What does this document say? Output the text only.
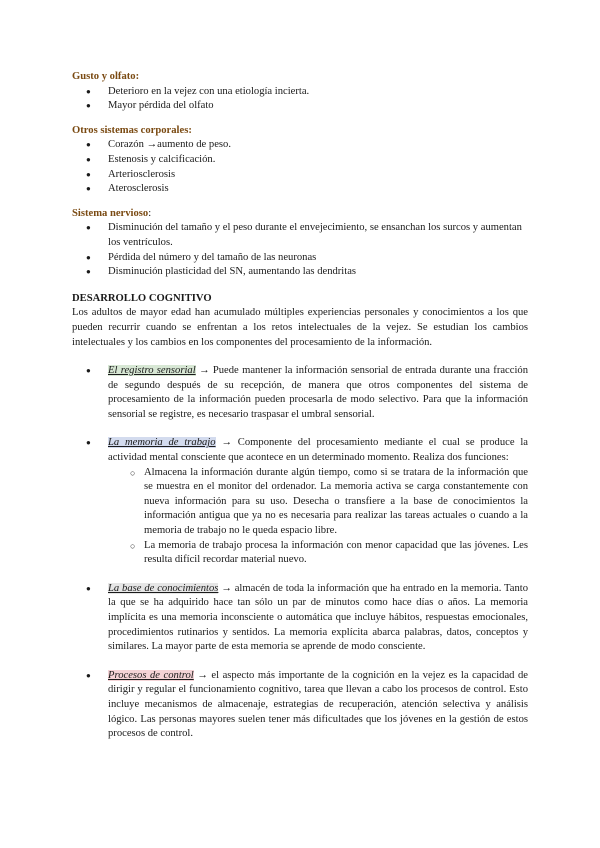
Gusto y olfato:

● Deterioro en la vejez con una etiología incierta.
● Mayor pérdida del olfato

Otros sistemas corporales:

● Corazón →aumento de peso.
● Estenosis y calcificación.
● Arteriosclerosis
● Aterosclerosis

Sistema nervioso:

● Disminución del tamaño y el peso durante el envejecimiento, se ensanchan los surcos y aumentan los ventrículos.
● Pérdida del número y del tamaño de las neuronas
● Disminución plasticidad del SN, aumentando las dendritas

DESARROLLO COGNITIVO

Los adultos de mayor edad han acumulado múltiples experiencias personales y conocimientos a los que pueden recurrir cuando se enfrentan a los retos intelectuales de la vejez. Se estudian los cambios intelectuales y los cambios en los componentes del procesamiento de la información.

● El registro sensorial → Puede mantener la información sensorial de entrada durante una fracción de segundo después de su recepción, de manera que otros componentes del sistema de procesamiento de la información pueden procesarla de modo selectivo. Para que la información sensorial se registre, es necesario traspasar el umbral sensorial.
● La memoria de trabajo → Componente del procesamiento mediante el cual se produce la actividad mental consciente que acontece en un determinado momento. Realiza dos funciones:
○ Almacena la información durante algún tiempo, como si se tratara de la información que se muestra en el monitor del ordenador. La memoria activa se carga constantemente con nueva información para su uso. Desecha o transfiere a la base de conocimientos la información antigua que ya no es necesaria para realizar las tareas actuales o cuando a la memoria de trabajo no le queda espacio libre.
○ La memoria de trabajo procesa la información con menor capacidad que las jóvenes. Les resulta difícil recordar material nuevo.
● La base de conocimientos → almacén de toda la información que ha entrado en la memoria. Tanto la que se ha adquirido hace tan sólo un par de minutos como hace días o años. La memoria implícita es una memoria inconsciente o automática que incluye hábitos, respuestas emocionales, procedimientos rutinarios y sentidos. La memoria explícita abarca palabras, datos, conceptos y similares. La mayor parte de esta memoria se aprende de modo consciente.
● Procesos de control → el aspecto más importante de la cognición en la vejez es la capacidad de dirigir y regular el funcionamiento cognitivo, tarea que llevan a cabo los procesos de control. Esto incluye mecanismos de almacenaje, estrategias de recuperación, atención selectiva y análisis lógico. Las personas mayores suelen tener más dificultades que los jóvenes en la gestión de estos procesos de control.
